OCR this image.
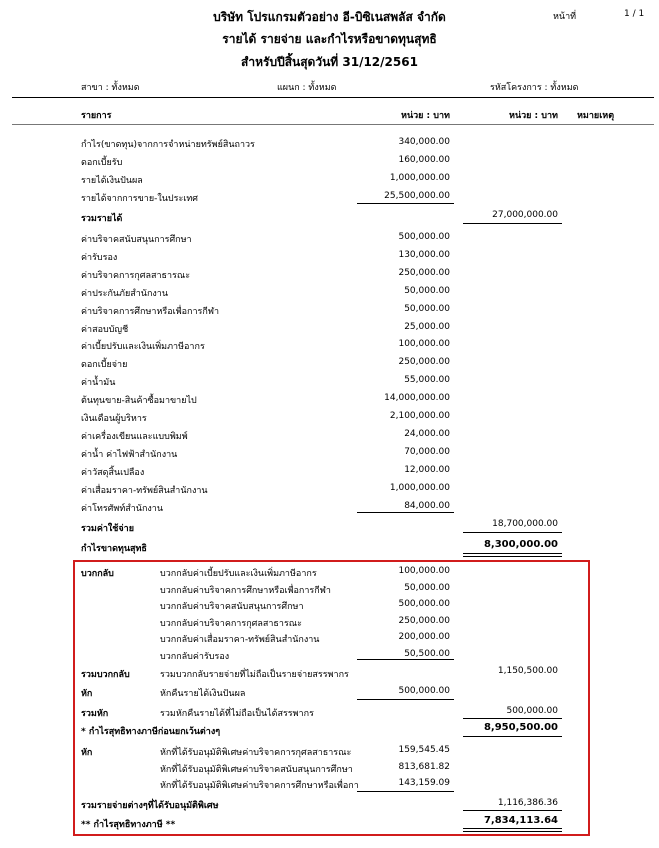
บริษัท โปรแกรมตัวอย่าง อี-บิซิเนสพลัส จำกัด	หน้าที่	1 / 1
รายได้ รายจ่าย และกำไรหรือขาดทุนสุทธิ
สำหรับปีสิ้นสุดวันที่ 31/12/2561
สาขา : ทั้งหมด	แผนก : ทั้งหมด	รหัสโครงการ : ทั้งหมด
รายการ	หน่วย : บาท	หน่วย : บาท หมายเหตุ
กำไร(ขาดทุน)จากการจำหน่ายทรัพย์สินถาวร	340,000.00
ดอกเบี้ยรับ	160,000.00
รายได้เงินปันผล	1,000,000.00
รายได้จากการขาย-ในประเทศ	25,500,000.00
รวมรายได้	27,000,000.00
ค่าบริจาคสนับสนุนการศึกษา	500,000.00
ค่ารับรอง	130,000.00
ค่าบริจาคการกุศลสาธารณะ	250,000.00
ค่าประกันภัยสำนักงาน	50,000.00
ค่าบริจาคการศึกษาหรือเพื่อการกีฬา	50,000.00
ค่าสอบบัญชี	25,000.00
ค่าเบี้ยปรับและเงินเพิ่มภาษีอากร	100,000.00
ดอกเบี้ยจ่าย	250,000.00
ค่าน้ำมัน	55,000.00
ต้นทุนขาย-สินค้าซื้อมาขายไป	14,000,000.00
เงินเดือนผู้บริหาร	2,100,000.00
ค่าเครื่องเขียนและแบบพิมพ์	24,000.00
ค่าน้ำ ค่าไฟฟ้าสำนักงาน	70,000.00
ค่าวัสดุสิ้นเปลือง	12,000.00
ค่าเสื่อมราคา-ทรัพย์สินสำนักงาน	1,000,000.00
ค่าโทรศัพท์สำนักงาน	84,000.00
รวมค่าใช้จ่าย	18,700,000.00
กำไรขาดทุนสุทธิ	8,300,000.00
บวกกลับ	บวกกลับค่าเบี้ยปรับและเงินเพิ่มภาษีอากร	100,000.00
บวกกลับค่าบริจาคการศึกษาหรือเพื่อการกีฬา	50,000.00
บวกกลับค่าบริจาคสนับสนุนการศึกษา	500,000.00
บวกกลับค่าบริจาคการกุศลสาธารณะ	250,000.00
บวกกลับค่าเสื่อมราคา-ทรัพย์สินสำนักงาน	200,000.00
บวกกลับค่ารับรอง	50,500.00
รวมบวกกลับ	รวมบวกกลับรายจ่ายที่ไม่ถือเป็นรายจ่ายสรรพากร	1,150,500.00
หัก	หักคืนรายได้เงินปันผล	500,000.00
รวมหัก	รวมหักคืนรายได้ที่ไม่ถือเป็นได้สรรพากร	500,000.00
* กำไรสุทธิทางภาษีก่อนยกเว้นต่างๆ	8,950,500.00
หัก	หักที่ได้รับอนุมัติพิเศษค่าบริจาคการกุศลสาธารณะ	159,545.45
หักที่ได้รับอนุมัติพิเศษค่าบริจาคสนับสนุนการศึกษา	813,681.82
หักที่ได้รับอนุมัติพิเศษค่าบริจาคการศึกษาหรือเพื่อกา	143,159.09
รวมรายจ่ายต่างๆที่ได้รับอนุมัติพิเศษ	1,116,386.36
** กำไรสุทธิทางภาษี **	7,834,113.64
